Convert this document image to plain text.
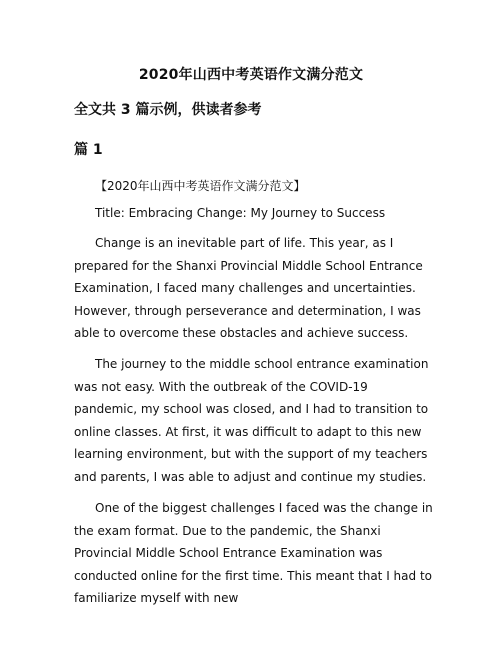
2020年山西中考英语作文满分范文
全文共 3 篇示例，供读者参考
篇 1
【2020年山西中考英语作文满分范文】
Title: Embracing Change: My Journey to Success

Change is an inevitable part of life. This year, as I prepared for the Shanxi Provincial Middle School Entrance Examination, I faced many challenges and uncertainties. However, through perseverance and determination, I was able to overcome these obstacles and achieve success.

The journey to the middle school entrance examination was not easy. With the outbreak of the COVID-19 pandemic, my school was closed, and I had to transition to online classes. At first, it was difficult to adapt to this new learning environment, but with the support of my teachers and parents, I was able to adjust and continue my studies.

One of the biggest challenges I faced was the change in the exam format. Due to the pandemic, the Shanxi Provincial Middle School Entrance Examination was conducted online for the first time. This meant that I had to familiarize myself with new
